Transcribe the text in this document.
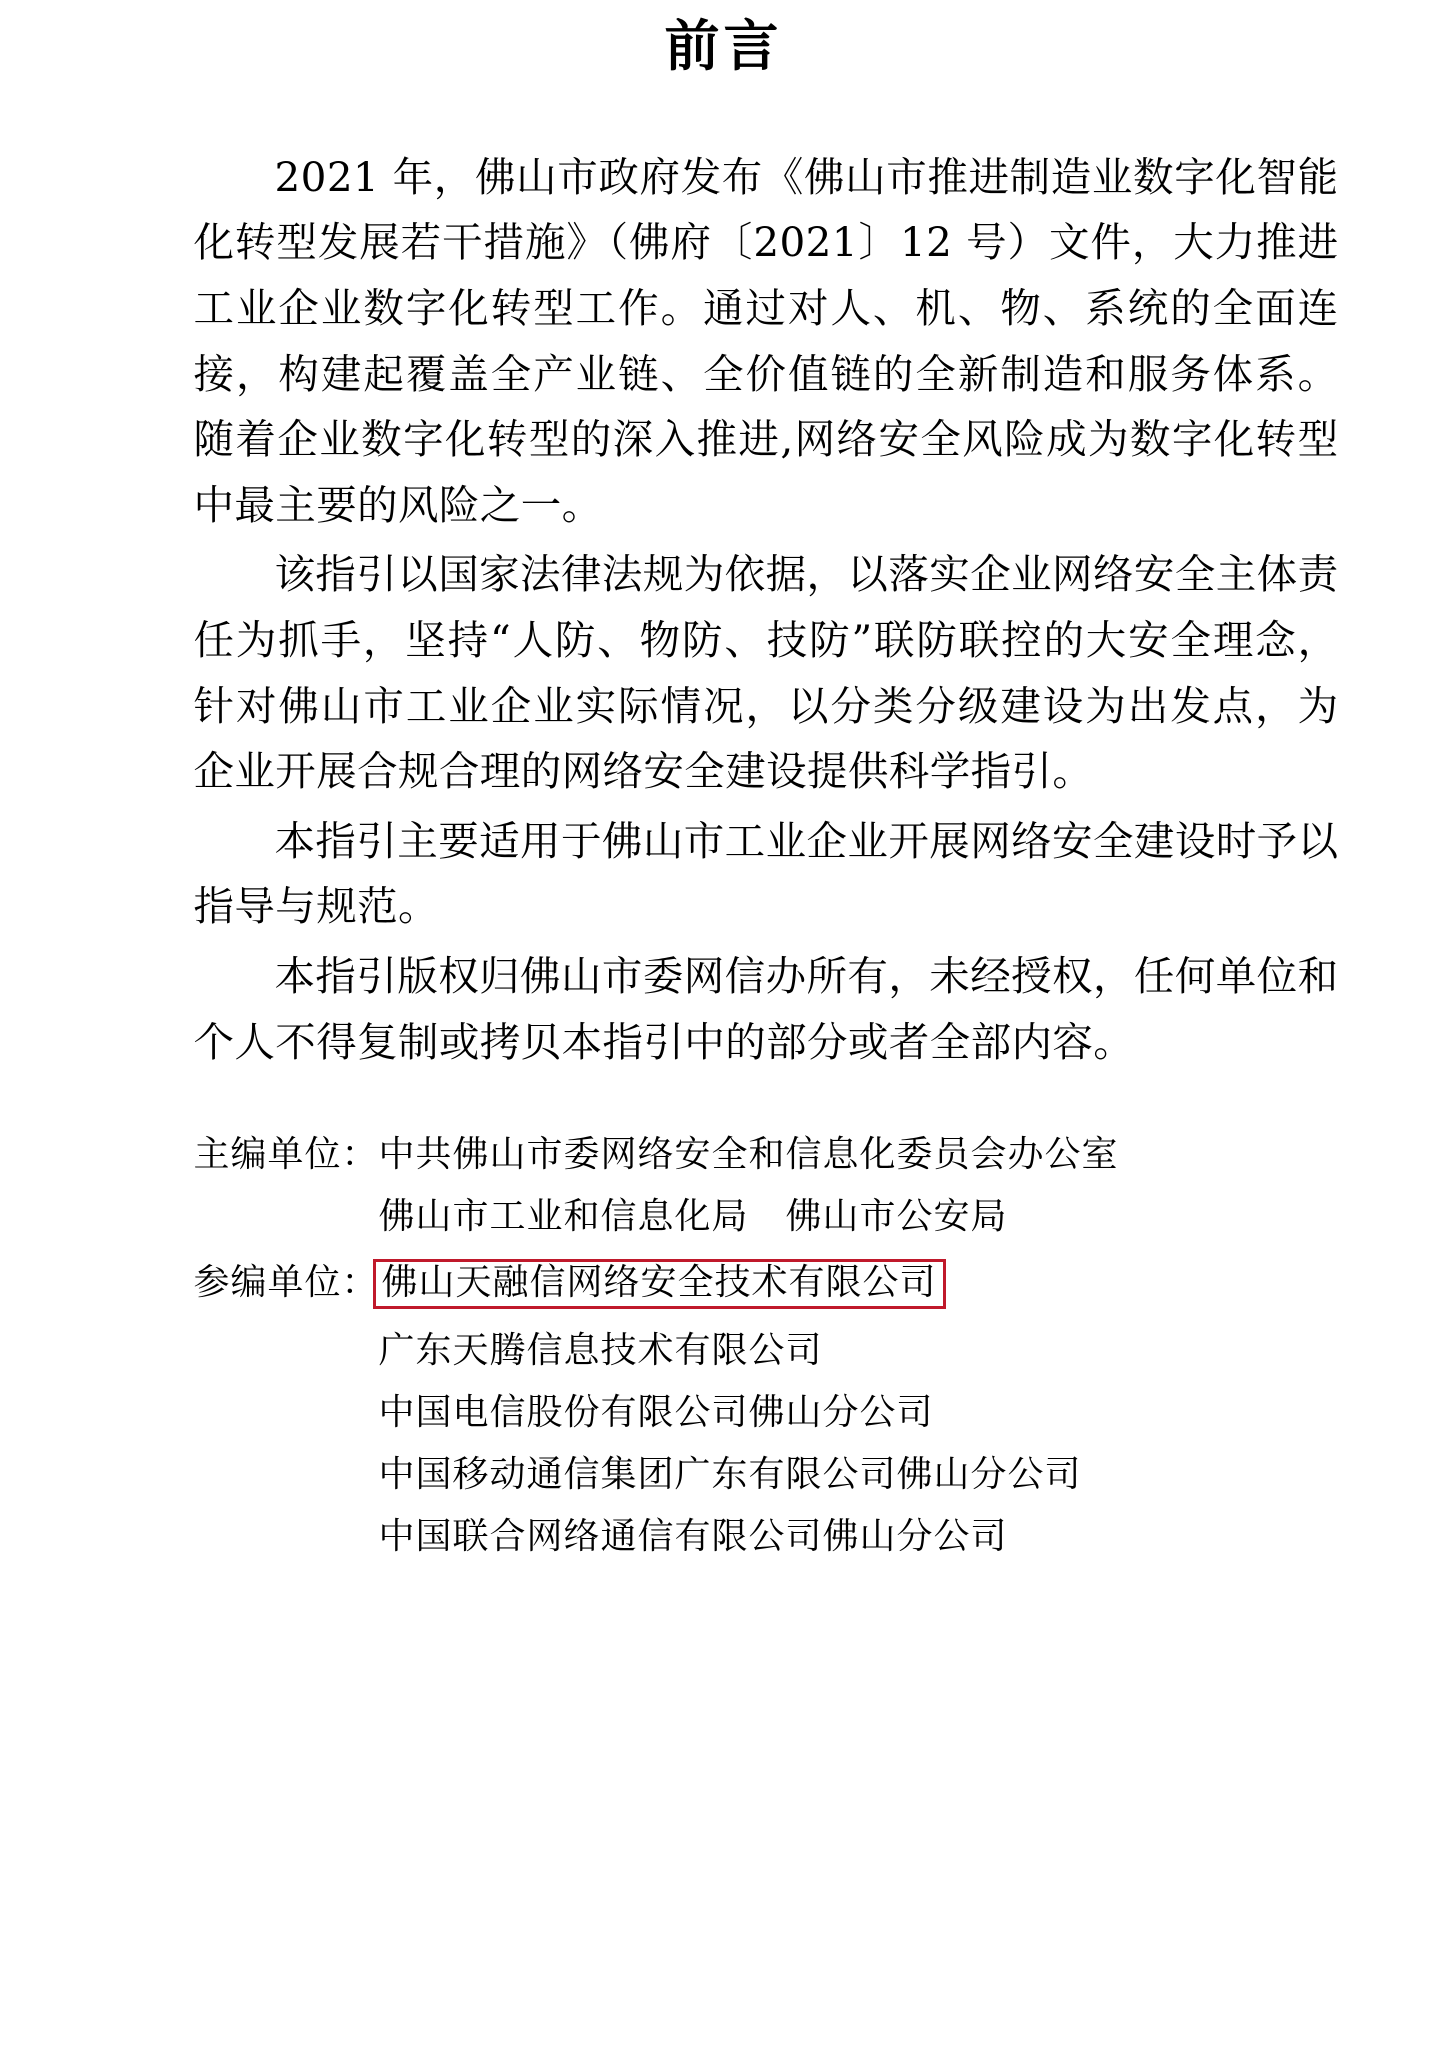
前言

2021 年，佛山市政府发布《佛山市推进制造业数字化智能化转型发展若干措施》（佛府〔2021〕12 号）文件，大力推进工业企业数字化转型工作。通过对人、机、物、系统的全面连接，构建起覆盖全产业链、全价值链的全新制造和服务体系。随着企业数字化转型的深入推进,网络安全风险成为数字化转型中最主要的风险之一。

该指引以国家法律法规为依据，以落实企业网络安全主体责任为抓手，坚持“人防、物防、技防”联防联控的大安全理念，针对佛山市工业企业实际情况，以分类分级建设为出发点，为企业开展合规合理的网络安全建设提供科学指引。

本指引主要适用于佛山市工业企业开展网络安全建设时予以指导与规范。

本指引版权归佛山市委网信办所有，未经授权，任何单位和个人不得复制或拷贝本指引中的部分或者全部内容。

主编单位： 中共佛山市委网络安全和信息化委员会办公室
佛山市工业和信息化局　佛山市公安局
参编单位： 佛山天融信网络安全技术有限公司
广东天腾信息技术有限公司
中国电信股份有限公司佛山分公司
中国移动通信集团广东有限公司佛山分公司
中国联合网络通信有限公司佛山分公司
